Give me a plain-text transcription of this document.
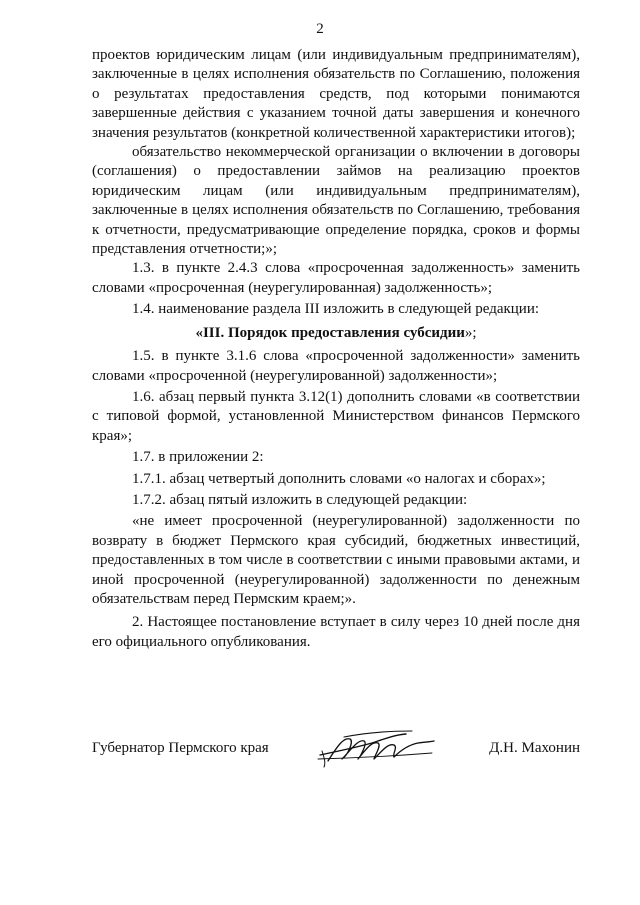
2

проектов юридическим лицам (или индивидуальным предпринимателям), заключенные в целях исполнения обязательств по Соглашению, положения о результатах предоставления средств, под которыми понимаются завершенные действия с указанием точной даты завершения и конечного значения результатов (конкретной количественной характеристики итогов);

обязательство некоммерческой организации о включении в договоры (соглашения) о предоставлении займов на реализацию проектов юридическим лицам (или индивидуальным предпринимателям), заключенные в целях исполнения обязательств по Соглашению, требования к отчетности, предусматривающие определение порядка, сроков и формы представления отчетности;»;

1.3. в пункте 2.4.3 слова «просроченная задолженность» заменить словами «просроченная (неурегулированная) задолженность»;

1.4. наименование раздела III изложить в следующей редакции:

«III. Порядок предоставления субсидии»;

1.5. в пункте 3.1.6 слова «просроченной задолженности» заменить словами «просроченной (неурегулированной) задолженности»;

1.6. абзац первый пункта 3.12(1) дополнить словами «в соответствии с типовой формой, установленной Министерством финансов Пермского края»;

1.7. в приложении 2:

1.7.1. абзац четвертый дополнить словами «о налогах и сборах»;

1.7.2. абзац пятый изложить в следующей редакции:

«не имеет просроченной (неурегулированной) задолженности по возврату в бюджет Пермского края субсидий, бюджетных инвестиций, предоставленных в том числе в соответствии с иными правовыми актами, и иной просроченной (неурегулированной) задолженности по денежным обязательствам перед Пермским краем;».

2. Настоящее постановление вступает в силу через 10 дней после дня его официального опубликования.

Губернатор Пермского края	Д.Н. Махонин
